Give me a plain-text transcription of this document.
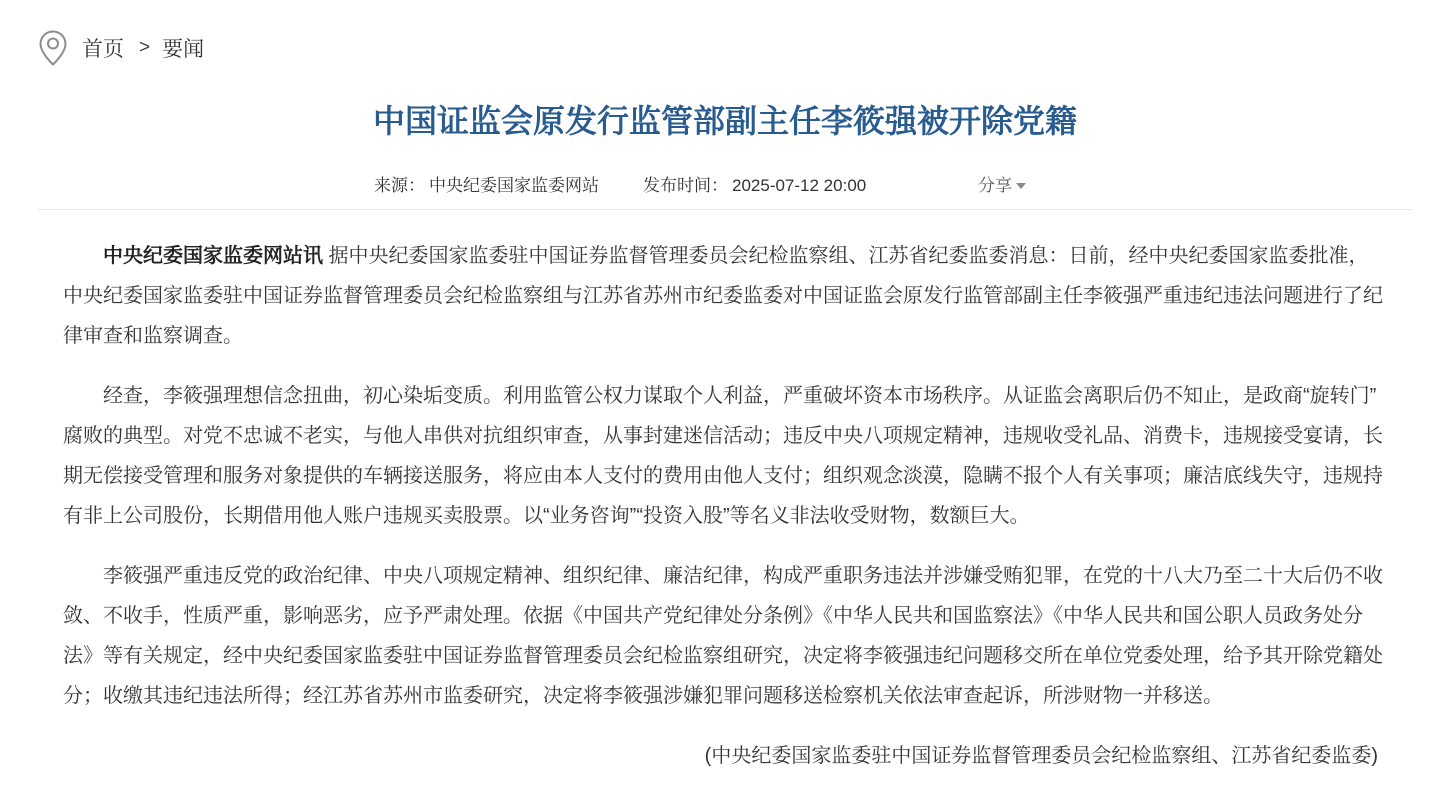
首页 > 要闻
中国证监会原发行监管部副主任李筱强被开除党籍
来源： 中央纪委国家监委网站	发布时间： 2025-07-12 20:00	分享

中央纪委国家监委网站讯 据中央纪委国家监委驻中国证券监督管理委员会纪检监察组、江苏省纪委监委消息：日前，经中央纪委国家监委批准，中央纪委国家监委驻中国证券监督管理委员会纪检监察组与江苏省苏州市纪委监委对中国证监会原发行监管部副主任李筱强严重违纪违法问题进行了纪律审查和监察调查。

经查，李筱强理想信念扭曲，初心染垢变质。利用监管公权力谋取个人利益，严重破坏资本市场秩序。从证监会离职后仍不知止，是政商“旋转门”腐败的典型。对党不忠诚不老实，与他人串供对抗组织审查，从事封建迷信活动；违反中央八项规定精神，违规收受礼品、消费卡，违规接受宴请，长期无偿接受管理和服务对象提供的车辆接送服务，将应由本人支付的费用由他人支付；组织观念淡漠，隐瞒不报个人有关事项；廉洁底线失守，违规持有非上公司股份，长期借用他人账户违规买卖股票。以“业务咨询”“投资入股”等名义非法收受财物，数额巨大。

李筱强严重违反党的政治纪律、中央八项规定精神、组织纪律、廉洁纪律，构成严重职务违法并涉嫌受贿犯罪，在党的十八大乃至二十大后仍不收敛、不收手，性质严重，影响恶劣，应予严肃处理。依据《中国共产党纪律处分条例》《中华人民共和国监察法》《中华人民共和国公职人员政务处分法》等有关规定，经中央纪委国家监委驻中国证券监督管理委员会纪检监察组研究，决定将李筱强违纪问题移交所在单位党委处理，给予其开除党籍处分；收缴其违纪违法所得；经江苏省苏州市监委研究，决定将李筱强涉嫌犯罪问题移送检察机关依法审查起诉，所涉财物一并移送。

(中央纪委国家监委驻中国证券监督管理委员会纪检监察组、江苏省纪委监委)
